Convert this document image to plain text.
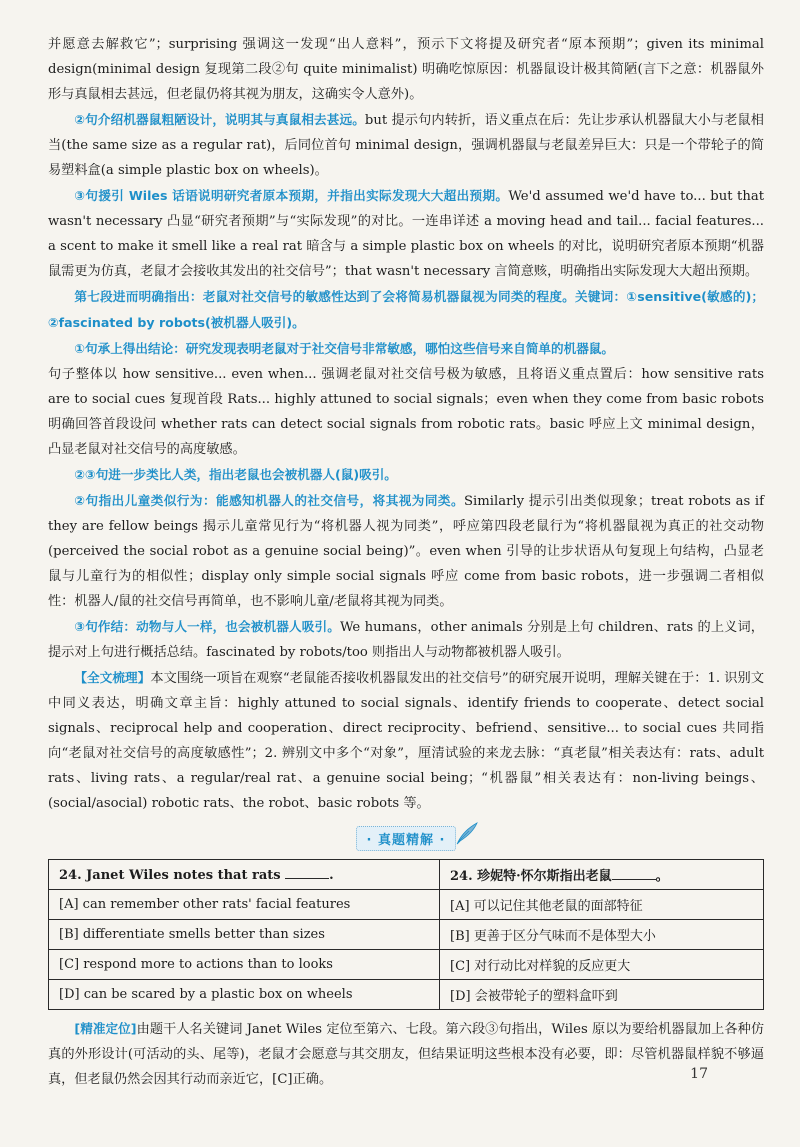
并愿意去解救它”；surprising 强调这一发现“出人意料”，预示下文将提及研究者“原本预期”；given its minimal design(minimal design 复现第二段②句 quite minimalist) 明确吃惊原因：机器鼠设计极其简陋(言下之意：机器鼠外形与真鼠相去甚远，但老鼠仍将其视为朋友，这确实令人意外)。

②句介绍机器鼠粗陋设计，说明其与真鼠相去甚远。but 提示句内转折，语义重点在后：先让步承认机器鼠大小与老鼠相当(the same size as a regular rat)，后同位首句 minimal design，强调机器鼠与老鼠差异巨大：只是一个带轮子的简易塑料盒(a simple plastic box on wheels)。

③句援引 Wiles 话语说明研究者原本预期，并指出实际发现大大超出预期。We'd assumed we'd have to... but that wasn't necessary 凸显“研究者预期”与“实际发现”的对比。一连串详述 a moving head and tail... facial features... a scent to make it smell like a real rat 暗含与 a simple plastic box on wheels 的对比，说明研究者原本预期“机器鼠需更为仿真，老鼠才会接收其发出的社交信号”；that wasn't necessary 言简意赅，明确指出实际发现大大超出预期。

第七段进而明确指出：老鼠对社交信号的敏感性达到了会将简易机器鼠视为同类的程度。关键词：①sensitive(敏感的)；②fascinated by robots(被机器人吸引)。

①句承上得出结论：研究发现表明老鼠对于社交信号非常敏感，哪怕这些信号来自简单的机器鼠。

句子整体以 how sensitive... even when... 强调老鼠对社交信号极为敏感，且将语义重点置后：how sensitive rats are to social cues 复现首段 Rats... highly attuned to social signals；even when they come from basic robots 明确回答首段设问 whether rats can detect social signals from robotic rats。basic 呼应上文 minimal design，凸显老鼠对社交信号的高度敏感。

②③句进一步类比人类，指出老鼠也会被机器人(鼠)吸引。

②句指出儿童类似行为：能感知机器人的社交信号，将其视为同类。Similarly 提示引出类似现象；treat robots as if they are fellow beings 揭示儿童常见行为“将机器人视为同类”，呼应第四段老鼠行为“将机器鼠视为真正的社交动物(perceived the social robot as a genuine social being)”。even when 引导的让步状语从句复现上句结构，凸显老鼠与儿童行为的相似性；display only simple social signals 呼应 come from basic robots，进一步强调二者相似性：机器人/鼠的社交信号再简单，也不影响儿童/老鼠将其视为同类。

③句作结：动物与人一样，也会被机器人吸引。We humans，other animals 分别是上句 children、rats 的上义词，提示对上句进行概括总结。fascinated by robots/too 则指出人与动物都被机器人吸引。

【全文梳理】本文围绕一项旨在观察“老鼠能否接收机器鼠发出的社交信号”的研究展开说明，理解关键在于：1. 识别文中同义表达，明确文章主旨：highly attuned to social signals、identify friends to cooperate、detect social signals、reciprocal help and cooperation、direct reciprocity、befriend、sensitive... to social cues 共同指向“老鼠对社交信号的高度敏感性”；2. 辨别文中多个“对象”，厘清试验的来龙去脉：“真老鼠”相关表达有：rats、adult rats、living rats、a regular/real rat、a genuine social being；“机器鼠”相关表达有：non-living beings、(social/asocial) robotic rats、the robot、basic robots 等。

· 真题精解 ·
24. Janet Wiles notes that rats .	24. 珍妮特·怀尔斯指出老鼠 。
[A] can remember other rats' facial features	[A] 可以记住其他老鼠的面部特征
[B] differentiate smells better than sizes	[B] 更善于区分气味而不是体型大小
[C] respond more to actions than to looks	[C] 对行动比对样貌的反应更大
[D] can be scared by a plastic box on wheels	[D] 会被带轮子的塑料盒吓到

[精准定位]由题干人名关键词 Janet Wiles 定位至第六、七段。第六段③句指出，Wiles 原以为要给机器鼠加上各种仿真的外形设计(可活动的头、尾等)，老鼠才会愿意与其交朋友，但结果证明这些根本没有必要，即：尽管机器鼠样貌不够逼真，但老鼠仍然会因其行动而亲近它，[C]正确。	17
